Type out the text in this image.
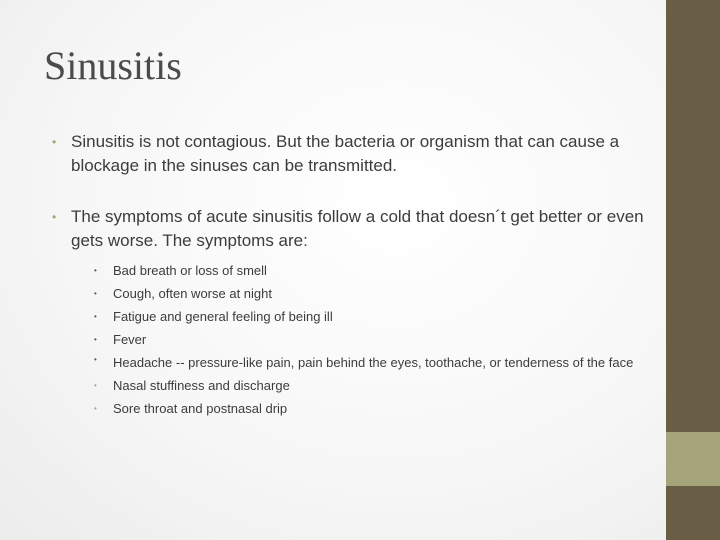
Sinusitis
• Sinusitis is not contagious. But the bacteria or organism that can cause a blockage in the sinuses can be transmitted.
• The symptoms of acute sinusitis follow a cold that doesn´t get better or even gets worse. The symptoms are:
• Bad breath or loss of smell
• Cough, often worse at night
• Fatigue and general feeling of being ill
• Fever
• Headache -- pressure-like pain, pain behind the eyes, toothache, or tenderness of the face
• Nasal stuffiness and discharge
• Sore throat and postnasal drip
